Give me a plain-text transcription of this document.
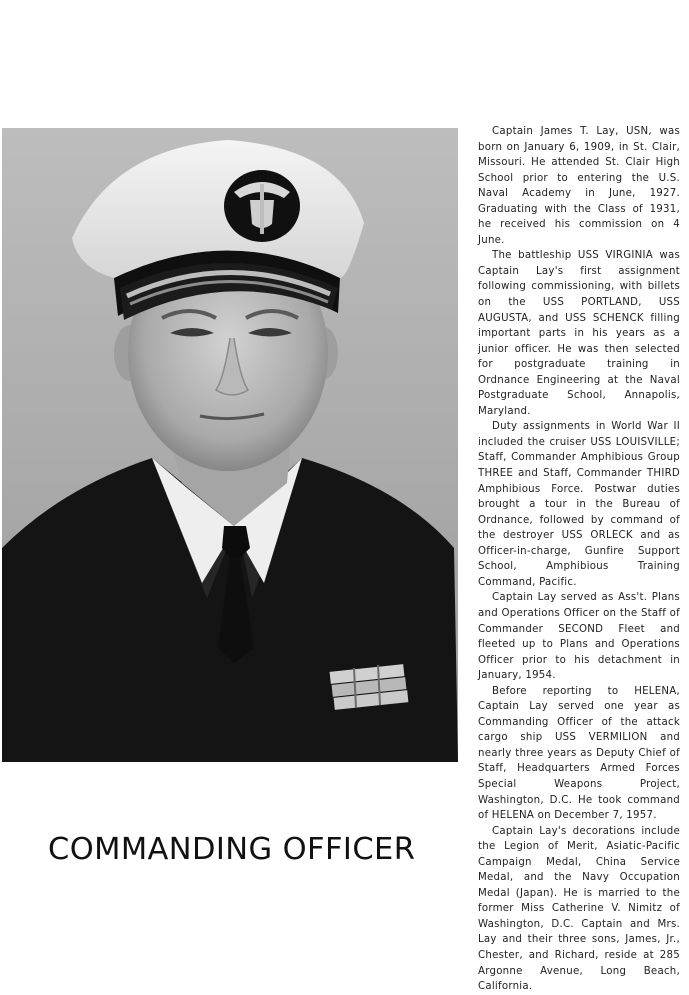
Captain James T. Lay, USN, was born on January 6, 1909, in St. Clair, Missouri. He attended St. Clair High School prior to entering the U.S. Naval Academy in June, 1927. Graduating with the Class of 1931, he received his commission on 4 June.

The battleship USS VIRGINIA was Captain Lay's first assignment following commissioning, with billets on the USS PORTLAND, USS AUGUSTA, and USS SCHENCK filling important parts in his years as a junior officer. He was then selected for postgraduate training in Ordnance Engineering at the Naval Postgraduate School, Annapolis, Maryland.

Duty assignments in World War II included the cruiser USS LOUISVILLE; Staff, Commander Amphibious Group THREE and Staff, Commander THIRD Amphibious Force. Postwar duties brought a tour in the Bureau of Ordnance, followed by command of the destroyer USS ORLECK and as Officer-in-charge, Gunfire Support School, Amphibious Training Command, Pacific.

Captain Lay served as Ass't. Plans and Operations Officer on the Staff of Commander SECOND Fleet and fleeted up to Plans and Operations Officer prior to his detachment in January, 1954.

Before reporting to HELENA, Captain Lay served one year as Commanding Officer of the attack cargo ship USS VERMILION and nearly three years as Deputy Chief of Staff, Headquarters Armed Forces Special Weapons Project, Washington, D.C. He took command of HELENA on December 7, 1957.

Captain Lay's decorations include the Legion of Merit, Asiatic-Pacific Campaign Medal, China Service Medal, and the Navy Occupation Medal (Japan). He is married to the former Miss Catherine V. Nimitz of Washington, D.C. Captain and Mrs. Lay and their three sons, James, Jr., Chester, and Richard, reside at 285 Argonne Avenue, Long Beach, California.

COMMANDING OFFICER
